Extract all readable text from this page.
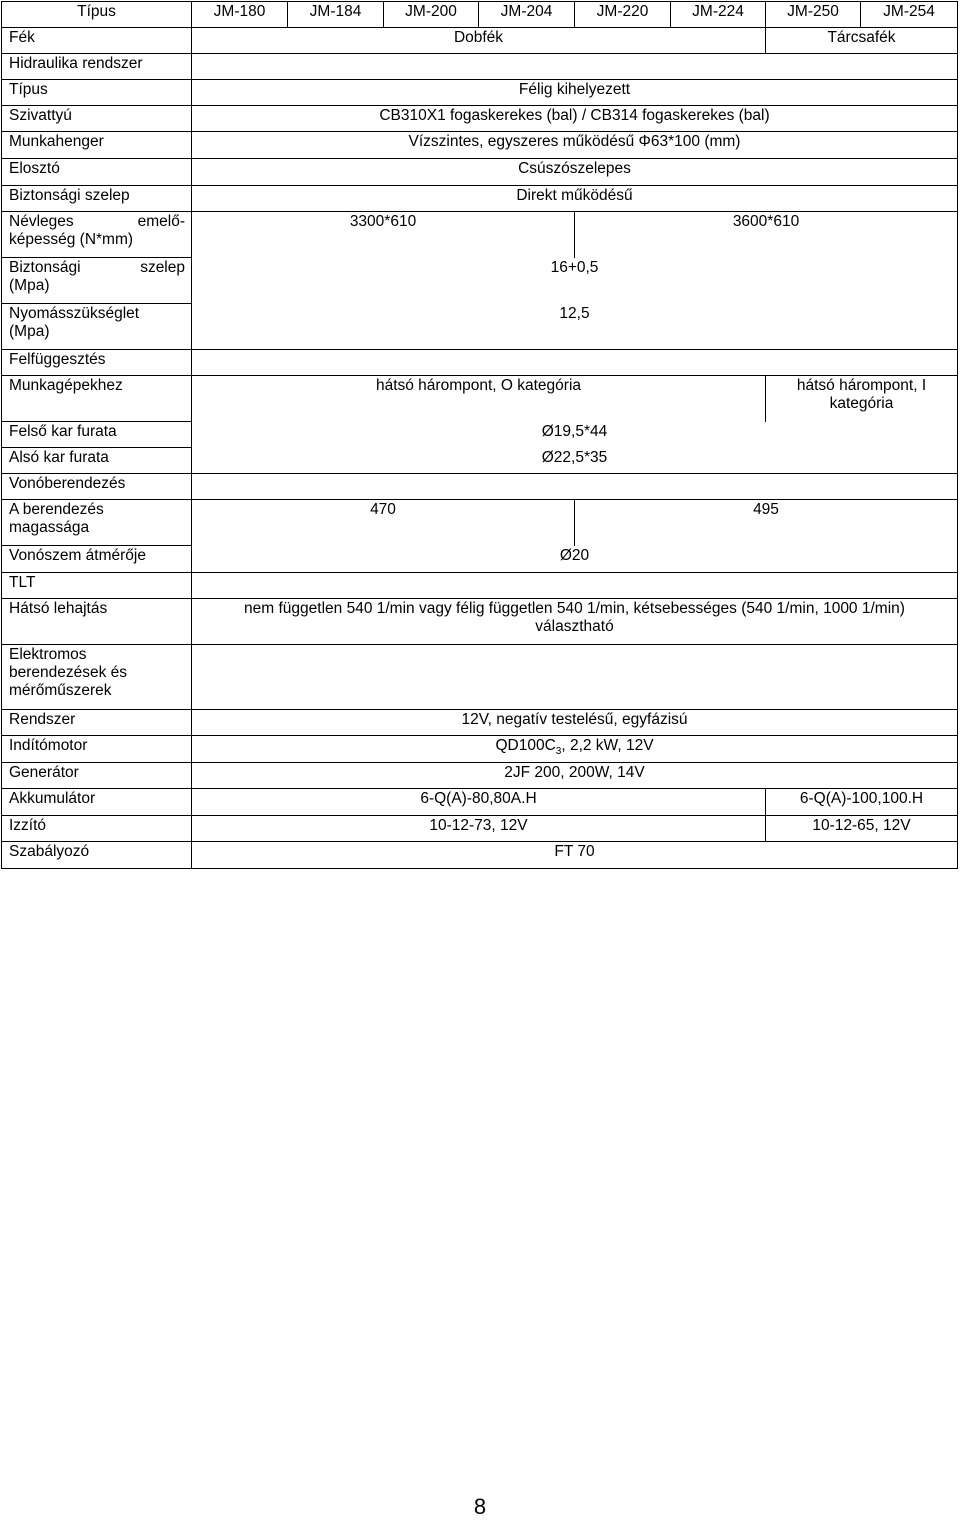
Típus	JM-180	JM-184	JM-200	JM-204	JM-220	JM-224	JM-250	JM-254
Fék	Dobfék						Tárcsafék	
Hidraulika rendszer								
Típus	Félig kihelyezett							
Szivattyú	CB310X1 fogaskerekes (bal) / CB314 fogaskerekes (bal)							
Munkahenger	Vízszintes, egyszeres működésű Φ63*100 (mm)							
Elosztó	Csúszószelepes							
Biztonsági szelep	Direkt működésű							

Névleges emelő-
képesség (N*mm)	3300*610				3600*610			

Biztonsági szelep
(Mpa)	16+0,5							

Nyomásszükséglet
(Mpa)	12,5							
Felfüggesztés								
Munkagépekhez	hátsó hárompont, O kategória						hátsó hárompont, I
kategória	

Felső kar furata	Ø19,5*44							
Alsó kar furata	Ø22,5*35							
Vonóberendezés								

A berendezés
magassága	470				495			
Vonószem átmérője	Ø20							
TLT								
Hátsó lehajtás	nem független 540 1/min vagy félig független 540 1/min, kétsebességes (540 1/min, 1000 1/min)
választható							

Elektromos
berendezések és
mérőműszerek								

Rendszer	12V, negatív testelésű, egyfázisú							
Indítómotor	$QD100C_3$, 2,2 kW, 12V							
Generátor	2JF 200, 200W, 14V							
Akkumulátor	6-Q(A)-80,80A.H						6-Q(A)-100,100.H	
Izzító	10-12-73, 12V						10-12-65, 12V	
Szabályozó	FT 70							
8
